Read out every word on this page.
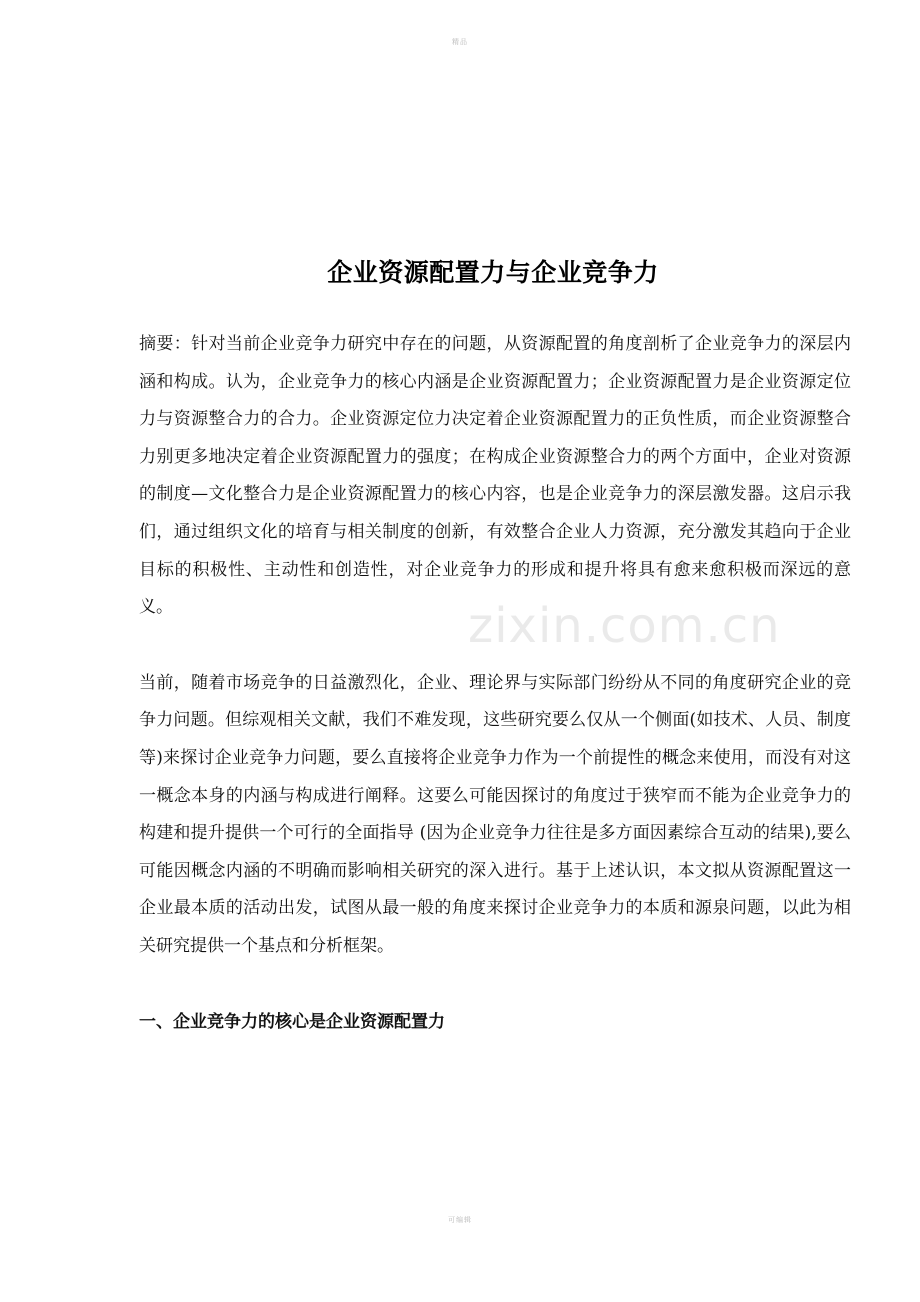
精品
企业资源配置力与企业竞争力

摘要：针对当前企业竞争力研究中存在的问题，从资源配置的角度剖析了企业竞争力的深层内涵和构成。认为，企业竞争力的核心内涵是企业资源配置力；企业资源配置力是企业资源定位力与资源整合力的合力。企业资源定位力决定着企业资源配置力的正负性质，而企业资源整合力别更多地决定着企业资源配置力的强度；在构成企业资源整合力的两个方面中，企业对资源的制度—文化整合力是企业资源配置力的核心内容，也是企业竞争力的深层激发器。这启示我们，通过组织文化的培育与相关制度的创新，有效整合企业人力资源，充分激发其趋向于企业目标的积极性、主动性和创造性，对企业竞争力的形成和提升将具有愈来愈积极而深远的意义。

当前，随着市场竞争的日益激烈化，企业、理论界与实际部门纷纷从不同的角度研究企业的竞争力问题。但综观相关文献，我们不难发现，这些研究要么仅从一个侧面(如技术、人员、制度等)来探讨企业竞争力问题，要么直接将企业竞争力作为一个前提性的概念来使用，而没有对这一概念本身的内涵与构成进行阐释。这要么可能因探讨的角度过于狭窄而不能为企业竞争力的构建和提升提供一个可行的全面指导 (因为企业竞争力往往是多方面因素综合互动的结果),要么可能因概念内涵的不明确而影响相关研究的深入进行。基于上述认识，本文拟从资源配置这一企业最本质的活动出发，试图从最一般的角度来探讨企业竞争力的本质和源泉问题，以此为相关研究提供一个基点和分析框架。

一、企业竞争力的核心是企业资源配置力
zixin.com.cn
可编辑
